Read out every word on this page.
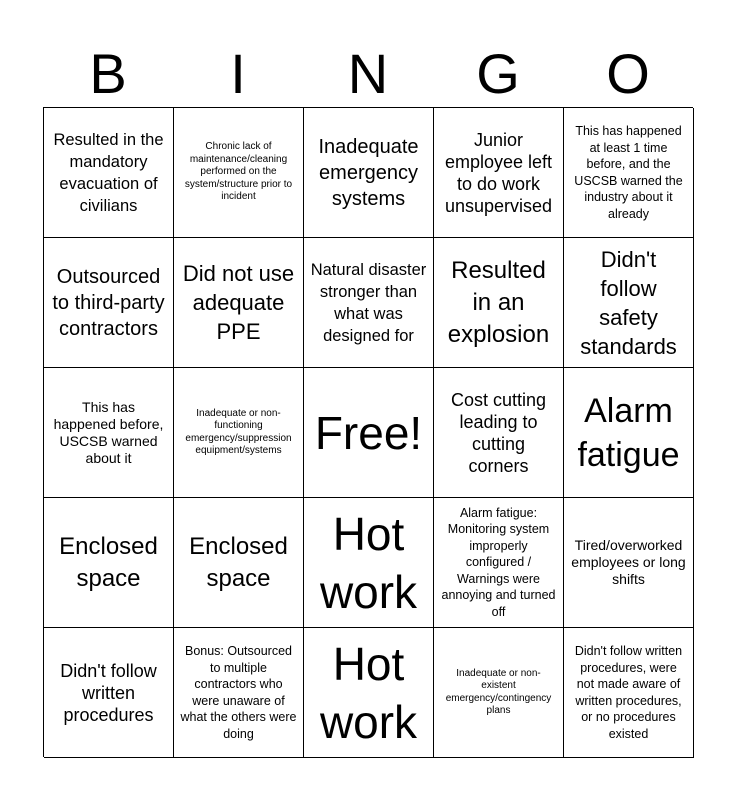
B	I	N	G	O
Resulted in the mandatory evacuation of civilians
Chronic lack of maintenance/cleaning performed on the system/structure prior to incident
Inadequate emergency systems
Junior employee left to do work unsupervised
This has happened at least 1 time before, and the USCSB warned the industry about it already
Outsourced to third-party contractors
Did not use adequate PPE
Natural disaster stronger than what was designed for
Resulted in an explosion
Didn't follow safety standards
This has happened before, USCSB warned about it
Inadequate or non-functioning emergency/suppression equipment/systems Free!
Cost cutting leading to cutting corners
Alarm fatigue
Enclosed space
Enclosed space
Hot work
Alarm fatigue: Monitoring system improperly configured / Warnings were annoying and turned off
Tired/overworked employees or long shifts
Didn't follow written procedures
Bonus: Outsourced to multiple contractors who were unaware of what the others were doing
Hot work
Inadequate or non-existent emergency/contingency plans
Didn't follow written procedures, were not made aware of written procedures, or no procedures existed
